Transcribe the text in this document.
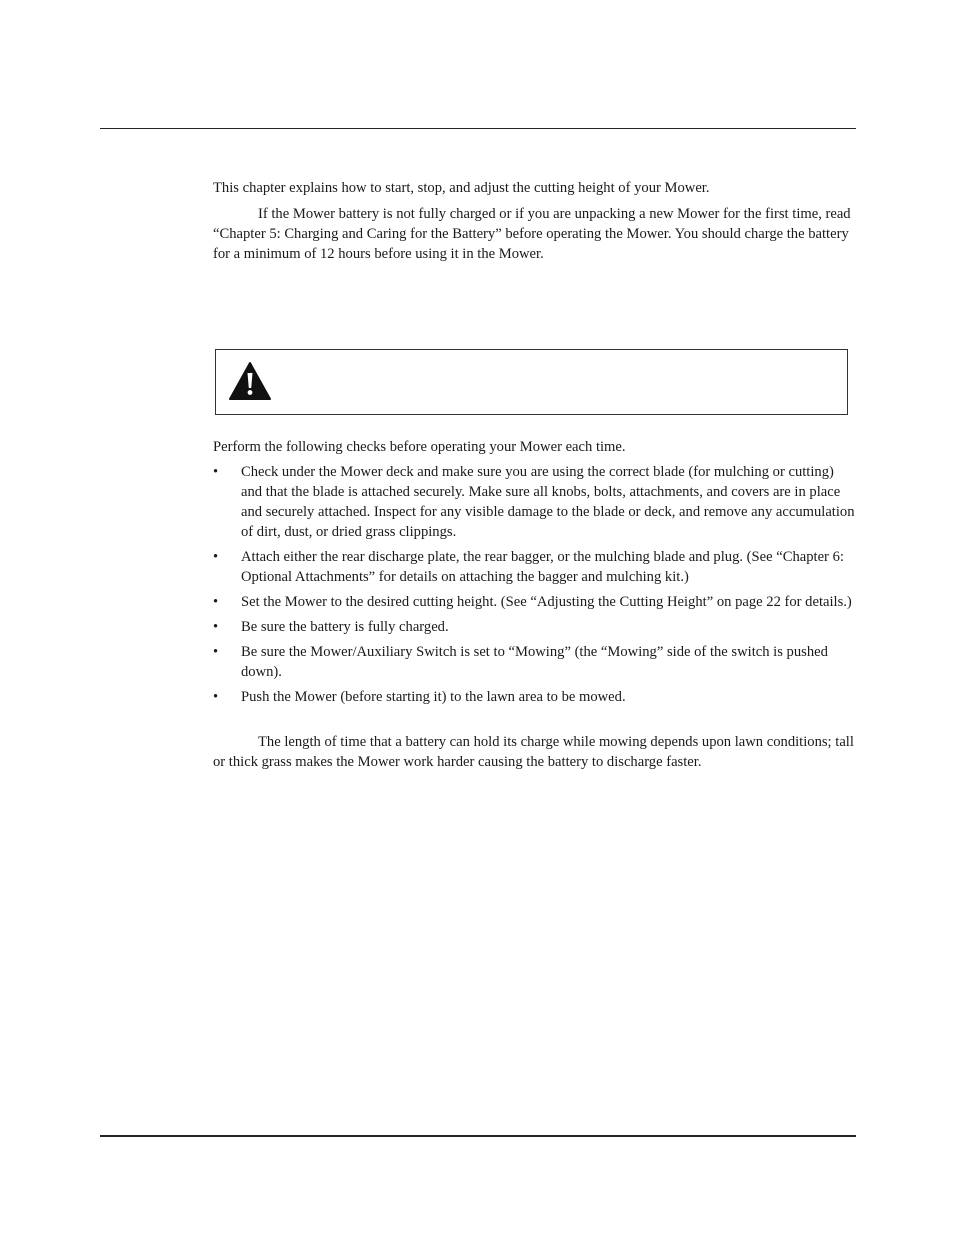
This chapter explains how to start, stop, and adjust the cutting height of your Mower.

If the Mower battery is not fully charged or if you are unpacking a new Mower for the first time, read “Chapter 5: Charging and Caring for the Battery” before operating the Mower. You should charge the battery for a minimum of 12 hours before using it in the Mower.

Perform the following checks before operating your Mower each time.

• Check under the Mower deck and make sure you are using the correct blade (for mulching or cutting) and that the blade is attached securely. Make sure all knobs, bolts, attachments, and covers are in place and securely attached. Inspect for any visible damage to the blade or deck, and remove any accumulation of dirt, dust, or dried grass clippings.
• Attach either the rear discharge plate, the rear bagger, or the mulching blade and plug. (See “Chapter 6: Optional Attachments” for details on attaching the bagger and mulching kit.)
• Set the Mower to the desired cutting height. (See “Adjusting the Cutting Height” on page 22 for details.)
• Be sure the battery is fully charged.
• Be sure the Mower/Auxiliary Switch is set to “Mowing” (the “Mowing” side of the switch is pushed down).
• Push the Mower (before starting it) to the lawn area to be mowed.

The length of time that a battery can hold its charge while mowing depends upon lawn conditions; tall or thick grass makes the Mower work harder causing the battery to discharge faster.
